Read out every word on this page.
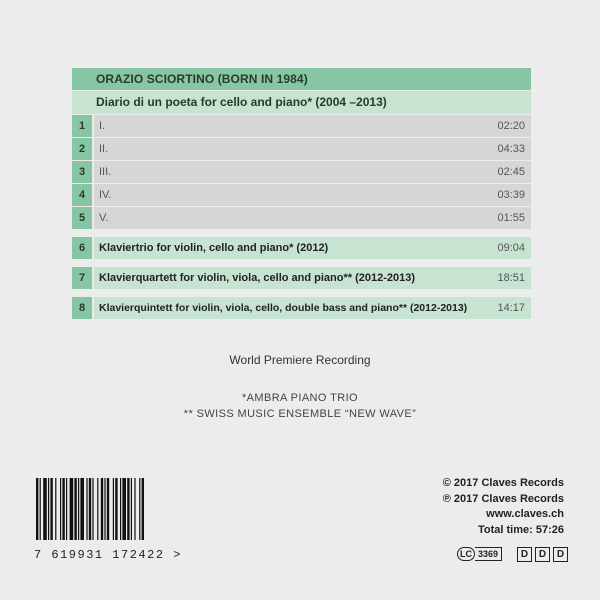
ORAZIO SCIORTINO (BORN IN 1984)
Diario di un poeta for cello and piano* (2004 –2013)
1	I.	02:20
2	II.	04:33
3	III.	02:45
4	IV.	03:39
5	V.	01:55
6	Klaviertrio for violin, cello and piano* (2012)	09:04
7	Klavierquartett for violin, viola, cello and piano** (2012-2013)	18:51
8	Klavierquintett for violin, viola, cello, double bass and piano** (2012-2013)	14:17
World Premiere Recording
*AMBRA PIANO TRIO
** SWISS MUSIC ENSEMBLE “NEW WAVE”
7 619931 172422 >
© 2017 Claves Records
℗ 2017 Claves Records
www.claves.ch
Total time: 57:26
LC 3369	D	D	D
